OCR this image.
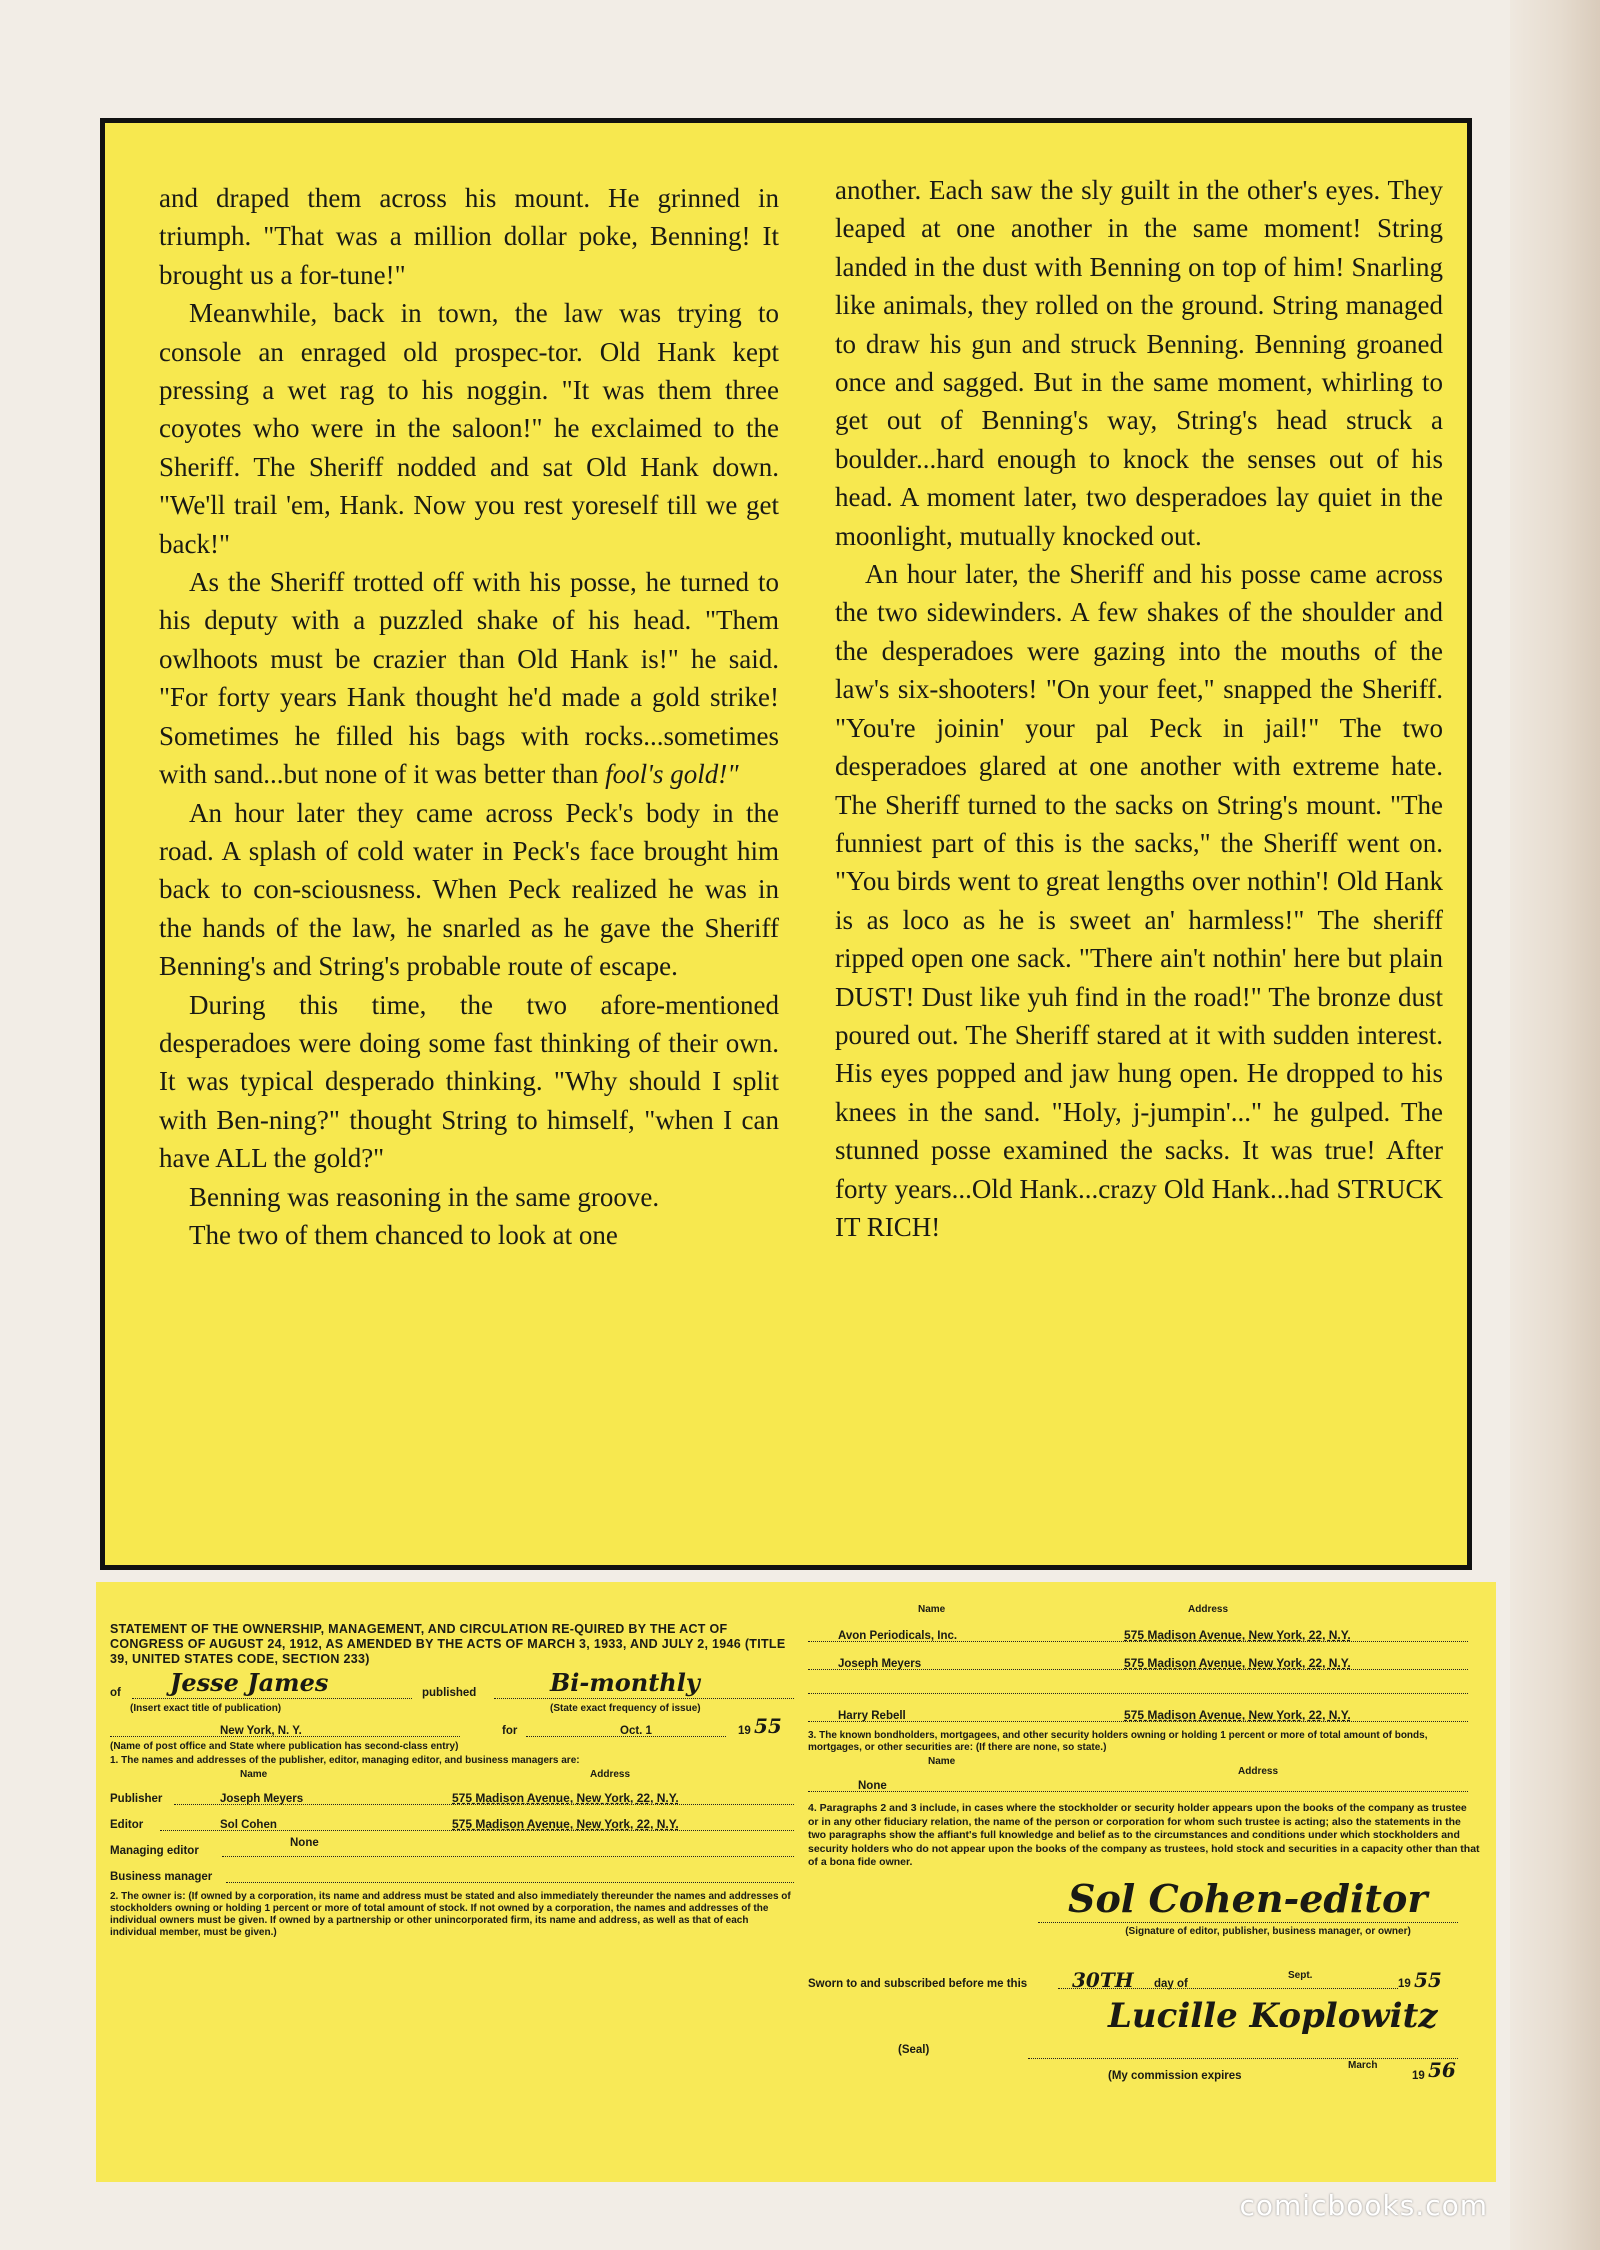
and draped them across his mount. He grinned in triumph. "That was a million dollar poke, Benning! It brought us a for-tune!"

Meanwhile, back in town, the law was trying to console an enraged old prospec-tor. Old Hank kept pressing a wet rag to his noggin. "It was them three coyotes who were in the saloon!" he exclaimed to the Sheriff. The Sheriff nodded and sat Old Hank down. "We'll trail 'em, Hank. Now you rest yoreself till we get back!"

As the Sheriff trotted off with his posse, he turned to his deputy with a puzzled shake of his head. "Them owlhoots must be crazier than Old Hank is!" he said. "For forty years Hank thought he'd made a gold strike! Sometimes he filled his bags with rocks...sometimes with sand...but none of it was better than fool's gold!"

An hour later they came across Peck's body in the road. A splash of cold water in Peck's face brought him back to con-sciousness. When Peck realized he was in the hands of the law, he snarled as he gave the Sheriff Benning's and String's probable route of escape.

During this time, the two afore-mentioned desperadoes were doing some fast thinking of their own. It was typical desperado thinking. "Why should I split with Ben-ning?" thought String to himself, "when I can have ALL the gold?"

Benning was reasoning in the same groove.

The two of them chanced to look at one

another. Each saw the sly guilt in the other's eyes. They leaped at one another in the same moment! String landed in the dust with Benning on top of him! Snarling like animals, they rolled on the ground. String managed to draw his gun and struck Benning. Benning groaned once and sagged. But in the same moment, whirling to get out of Benning's way, String's head struck a boulder...hard enough to knock the senses out of his head. A moment later, two desperadoes lay quiet in the moonlight, mutually knocked out.

An hour later, the Sheriff and his posse came across the two sidewinders. A few shakes of the shoulder and the desperadoes were gazing into the mouths of the law's six-shooters! "On your feet," snapped the Sheriff. "You're joinin' your pal Peck in jail!" The two desperadoes glared at one another with extreme hate. The Sheriff turned to the sacks on String's mount. "The funniest part of this is the sacks," the Sheriff went on. "You birds went to great lengths over nothin'! Old Hank is as loco as he is sweet an' harmless!" The sheriff ripped open one sack. "There ain't nothin' here but plain DUST! Dust like yuh find in the road!" The bronze dust poured out. The Sheriff stared at it with sudden interest. His eyes popped and jaw hung open. He dropped to his knees in the sand. "Holy, j-jumpin'..." he gulped. The stunned posse examined the sacks. It was true! After forty years...Old Hank...crazy Old Hank...had STRUCK IT RICH!

STATEMENT OF THE OWNERSHIP, MANAGEMENT, AND CIRCULATION RE-QUIRED BY THE ACT OF CONGRESS OF AUGUST 24, 1912, AS AMENDED BY THE ACTS OF MARCH 3, 1933, AND JULY 2, 1946 (TITLE 39, UNITED STATES CODE, SECTION 233)
of Jesse James	published	Bi-monthly
(Insert exact title of publication)	(State exact frequency of issue)
New York, N. Y.	for	Oct. 1	19 55
(Name of post office and State where publication has second-class entry)
1. The names and addresses of the publisher, editor, managing editor, and business managers are:
Name	Address
Publisher	Joseph Meyers	575 Madison Avenue, New York, 22, N.Y.
Editor	Sol Cohen	575 Madison Avenue, New York, 22, N.Y.
Managing editor
None
Business manager
2. The owner is: (If owned by a corporation, its name and address must be stated and also immediately thereunder the names and addresses of stockholders owning or holding 1 percent or more of total amount of stock. If not owned by a corporation, the names and addresses of the individual owners must be given. If owned by a partnership or other unincorporated firm, its name and address, as well as that of each individual member, must be given.)
Name	Address
Avon Periodicals, Inc.	575 Madison Avenue, New York, 22, N.Y.
Joseph Meyers	575 Madison Avenue, New York, 22, N.Y.
Harry Rebell	575 Madison Avenue, New York, 22, N.Y.
3. The known bondholders, mortgagees, and other security holders owning or holding 1 percent or more of total amount of bonds, mortgages, or other securities are: (If there are none, so state.)
Name
Address
None
4. Paragraphs 2 and 3 include, in cases where the stockholder or security holder appears upon the books of the company as trustee or in any other fiduciary relation, the name of the person or corporation for whom such trustee is acting; also the statements in the two paragraphs show the affiant's full knowledge and belief as to the circumstances and conditions under which stockholders and security holders who do not appear upon the books of the company as trustees, hold stock and securities in a capacity other than that of a bona fide owner.
Sol Cohen-editor
(Signature of editor, publisher, business manager, or owner)
Sworn to and subscribed before me this 30TH day of
Sept.
19 55
Lucille Koplowitz
(Seal)
(My commission expires
March
19 56
comicbooks.com
